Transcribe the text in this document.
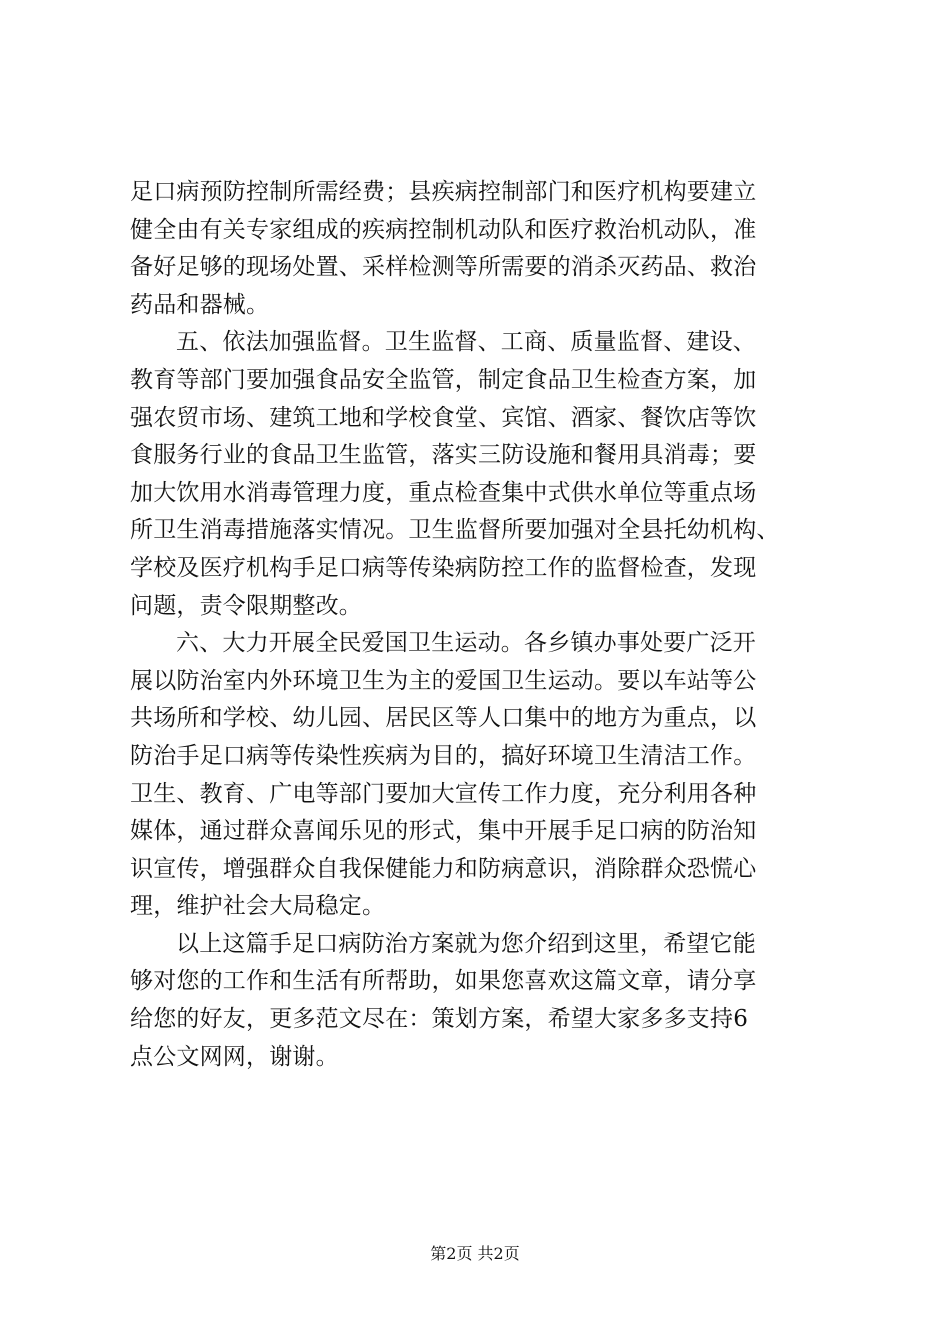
足口病预防控制所需经费；县疾病控制部门和医疗机构要建立
健全由有关专家组成的疾病控制机动队和医疗救治机动队，准
备好足够的现场处置、采样检测等所需要的消杀灭药品、救治
药品和器械。
五、依法加强监督。卫生监督、工商、质量监督、建设、
教育等部门要加强食品安全监管，制定食品卫生检查方案，加
强农贸市场、建筑工地和学校食堂、宾馆、酒家、餐饮店等饮
食服务行业的食品卫生监管，落实三防设施和餐用具消毒；要
加大饮用水消毒管理力度，重点检查集中式供水单位等重点场
所卫生消毒措施落实情况。卫生监督所要加强对全县托幼机构、
学校及医疗机构手足口病等传染病防控工作的监督检查，发现
问题，责令限期整改。
六、大力开展全民爱国卫生运动。各乡镇办事处要广泛开
展以防治室内外环境卫生为主的爱国卫生运动。要以车站等公
共场所和学校、幼儿园、居民区等人口集中的地方为重点，以
防治手足口病等传染性疾病为目的，搞好环境卫生清洁工作。
卫生、教育、广电等部门要加大宣传工作力度，充分利用各种
媒体，通过群众喜闻乐见的形式，集中开展手足口病的防治知
识宣传，增强群众自我保健能力和防病意识，消除群众恐慌心
理，维护社会大局稳定。
以上这篇手足口病防治方案就为您介绍到这里，希望它能
够对您的工作和生活有所帮助，如果您喜欢这篇文章，请分享
给您的好友，更多范文尽在：策划方案，希望大家多多支持6
点公文网网，谢谢。
第2页 共2页
